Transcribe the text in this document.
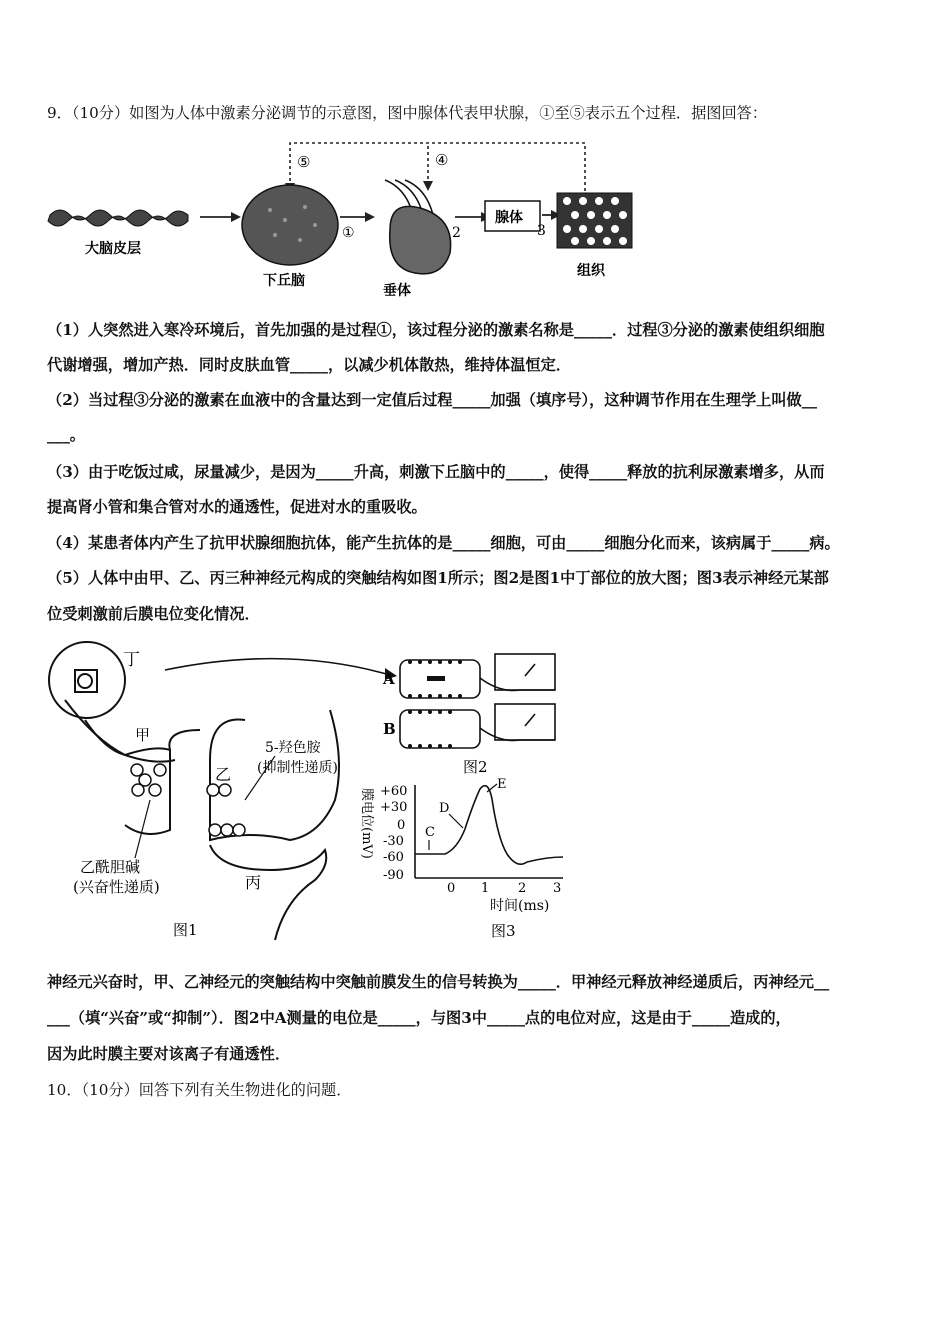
9．（10分）如图为人体中激素分泌调节的示意图，图中腺体代表甲状腺，①至⑤表示五个过程．据图回答：
⑤	④
大脑皮层
下丘脑
①
垂体
2
腺体
3
组织
（1）人突然进入寒冷环境后，首先加强的是过程①，该过程分泌的激素名称是_____．过程③分泌的激素使组织细胞
代谢增强，增加产热．同时皮肤血管_____，以减少机体散热，维持体温恒定．
（2）当过程③分泌的激素在血液中的含量达到一定值后过程_____加强（填序号），这种调节作用在生理学上叫做__
___。
（3）由于吃饭过咸，尿量减少，是因为_____升高，刺激下丘脑中的_____，使得_____释放的抗利尿激素增多，从而
提高肾小管和集合管对水的通透性，促进对水的重吸收。
（4）某患者体内产生了抗甲状腺细胞抗体，能产生抗体的是_____细胞，可由_____细胞分化而来，该病属于_____病。
（5）人体中由甲、乙、丙三种神经元构成的突触结构如图1所示；图2是图1中丁部位的放大图；图3表示神经元某部
位受刺激前后膜电位变化情况．
丁
甲
乙
丙
5-羟色胺
(抑制性递质)
乙酰胆碱
(兴奋性递质)
图1
A
B
图2
+60
+30
0
-30
-60
-90
0 1 2 3
膜电位(mV)
时间(ms)
C
D
E
图3
神经元兴奋时，甲、乙神经元的突触结构中突触前膜发生的信号转换为_____．甲神经元释放神经递质后，丙神经元__
___（填“兴奋”或“抑制”）．图2中A测量的电位是_____，与图3中_____点的电位对应，这是由于_____造成的，
因为此时膜主要对该离子有通透性．
10．（10分）回答下列有关生物进化的问题．
